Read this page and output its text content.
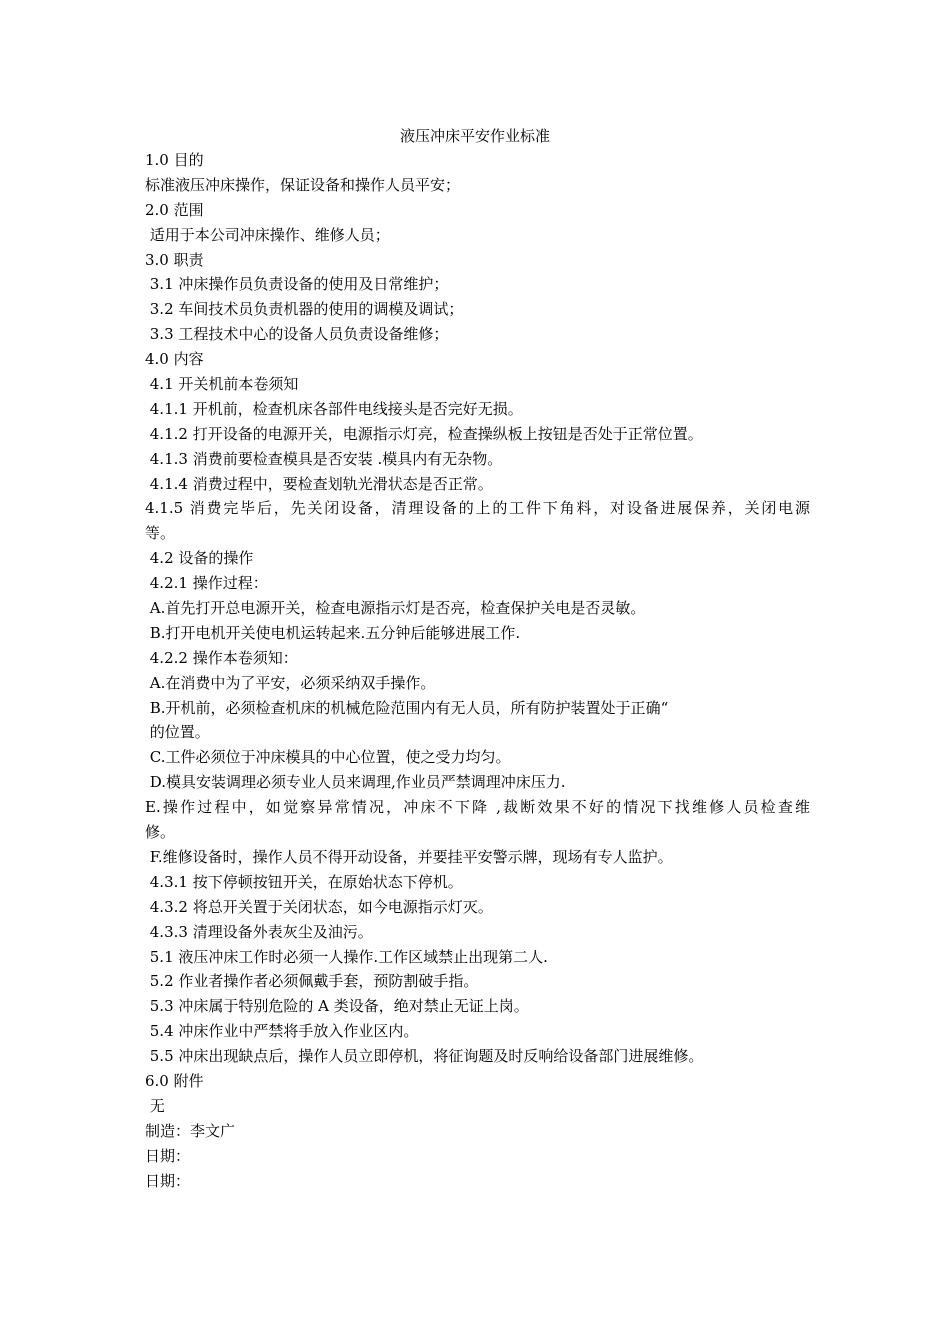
液压冲床平安作业标准
1.0 目的
标准液压冲床操作，保证设备和操作人员平安；
2.0 范围
适用于本公司冲床操作、维修人员；
3.0 职责
3.1 冲床操作员负责设备的使用及日常维护；
3.2 车间技术员负责机器的使用的调模及调试；
3.3 工程技术中心的设备人员负责设备维修；
4.0 内容
4.1 开关机前本卷须知
4.1.1 开机前，检查机床各部件电线接头是否完好无损。
4.1.2 打开设备的电源开关，电源指示灯亮，检查操纵板上按钮是否处于正常位置。
4.1.3 消费前要检查模具是否安装 .模具内有无杂物。
4.1.4 消费过程中，要检查划轨光滑状态是否正常。
4.1.5 消费完毕后，先关闭设备，清理设备的上的工件下角料，对设备进展保养，关闭电源
等。
4.2 设备的操作
4.2.1 操作过程：
A.首先打开总电源开关，检查电源指示灯是否亮，检查保护关电是否灵敏。
B.打开电机开关使电机运转起来.五分钟后能够进展工作.
4.2.2 操作本卷须知：
A.在消费中为了平安，必须采纳双手操作。
B.开机前，必须检查机床的机械危险范围内有无人员，所有防护装置处于正确“
的位置。
C.工件必须位于冲床模具的中心位置，使之受力均匀。
D.模具安装调理必须专业人员来调理,作业员严禁调理冲床压力.
E.操作过程中，如觉察异常情况，冲床不下降 ,裁断效果不好的情况下找维修人员检查维
修。
F.维修设备时，操作人员不得开动设备，并要挂平安警示牌，现场有专人监护。
4.3.1 按下停顿按钮开关，在原始状态下停机。
4.3.2 将总开关置于关闭状态，如今电源指示灯灭。
4.3.3 清理设备外表灰尘及油污。
5.1 液压冲床工作时必须一人操作.工作区域禁止出现第二人.
5.2 作业者操作者必须佩戴手套，预防割破手指。
5.3 冲床属于特别危险的 A 类设备，绝对禁止无证上岗。
5.4 冲床作业中严禁将手放入作业区内。
5.5 冲床出现缺点后，操作人员立即停机，将征询题及时反响给设备部门进展维修。
6.0 附件
无
制造：李文广
日期：
日期：
